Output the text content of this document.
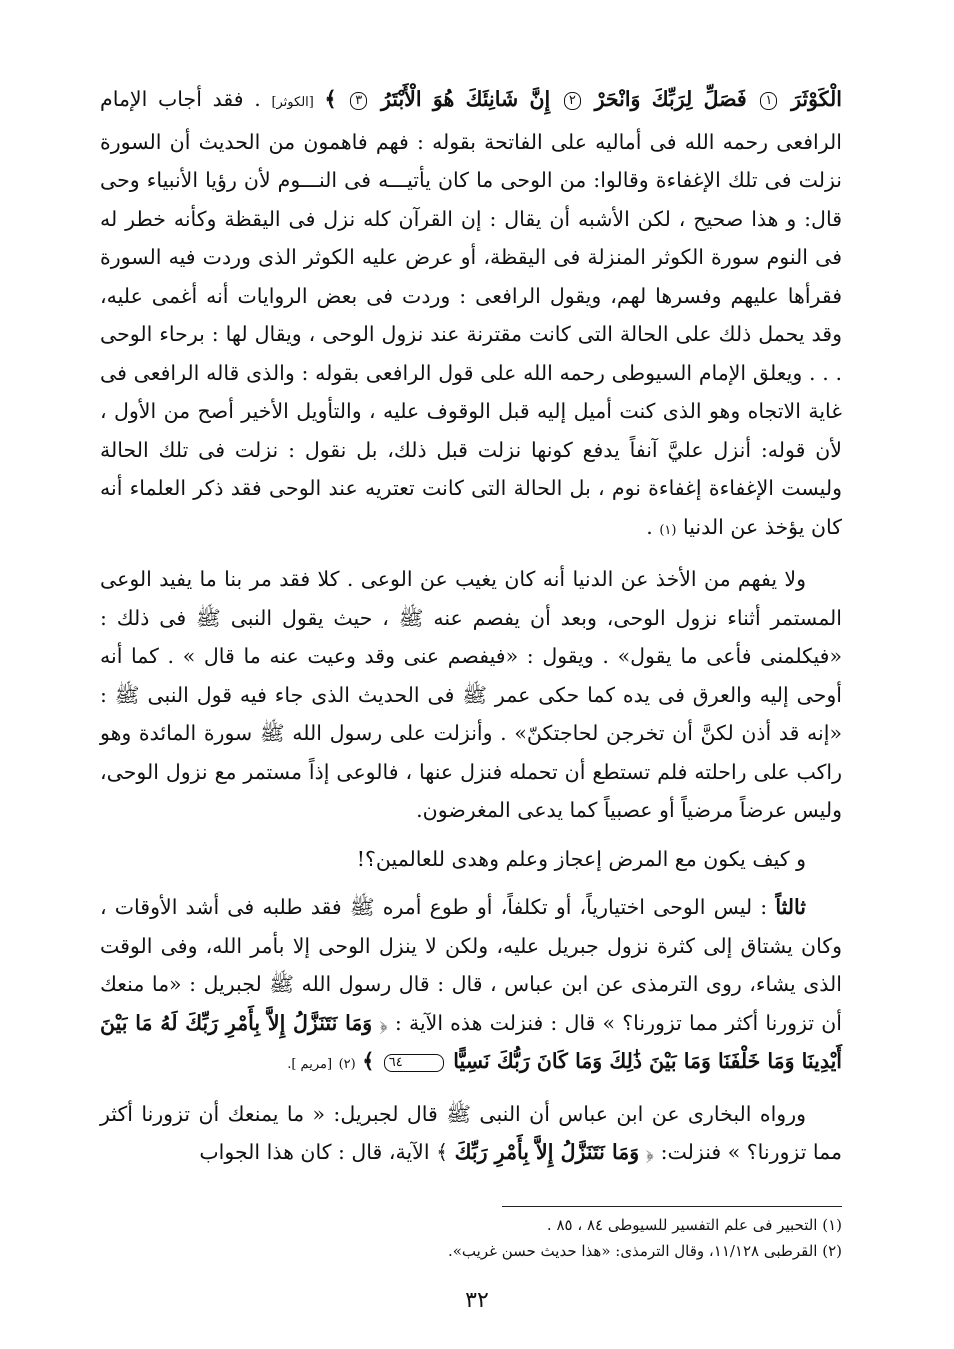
الْكَوْثَرَ ١ فَصَلِّ لِرَبِّكَ وَانْحَرْ ٢ إِنَّ شَانِئَكَ هُوَ الْأَبْتَرُ ٣ ﴾ [الكوثر] . فقد أجاب الإمام الرافعى رحمه الله فى أماليه على الفاتحة بقوله : فهم فاهمون من الحديث أن السورة نزلت فى تلك الإغفاءة وقالوا: من الوحى ما كان يأتيـــه فى النـــوم لأن رؤيا الأنبياء وحى قال: و هذا صحيح ، لكن الأشبه أن يقال : إن القرآن كله نزل فى اليقظة وكأنه خطر له فى النوم سورة الكوثر المنزلة فى اليقظة، أو عرض عليه الكوثر الذى وردت فيه السورة فقرأها عليهم وفسرها لهم، ويقول الرافعى : وردت فى بعض الروايات أنه أغمى عليه، وقد يحمل ذلك على الحالة التى كانت مقترنة عند نزول الوحى ، ويقال لها : برحاء الوحى . . . ويعلق الإمام السيوطى رحمه الله على قول الرافعى بقوله : والذى قاله الرافعى فى غاية الاتجاه وهو الذى كنت أميل إليه قبل الوقوف عليه ، والتأويل الأخير أصح من الأول ، لأن قوله: أنزل عليَّ آنفاً يدفع كونها نزلت قبل ذلك، بل نقول : نزلت فى تلك الحالة وليست الإغفاءة إغفاءة نوم ، بل الحالة التى كانت تعتريه عند الوحى فقد ذكر العلماء أنه كان يؤخذ عن الدنيا (١) .

ولا يفهم من الأخذ عن الدنيا أنه كان يغيب عن الوعى . كلا فقد مر بنا ما يفيد الوعى المستمر أثناء نزول الوحى، وبعد أن يفصم عنه ﷺ ، حيث يقول النبى ﷺ فى ذلك : «فيكلمنى فأعى ما يقول» . ويقول : «فيفصم عنى وقد وعيت عنه ما قال » . كما أنه أوحى إليه والعرق فى يده كما حكى عمر ﷺ فى الحديث الذى جاء فيه قول النبى ﷺ : «إنه قد أذن لكنَّ أن تخرجن لحاجتكنّ» . وأنزلت على رسول الله ﷺ سورة المائدة وهو راكب على راحلته فلم تستطع أن تحمله فنزل عنها ، فالوعى إذاً مستمر مع نزول الوحى، وليس عرضاً مرضياً أو عصبياً كما يدعى المغرضون.

و كيف يكون مع المرض إعجاز وعلم وهدى للعالمين؟!

ثالثاً : ليس الوحى اختيارياً، أو تكلفاً، أو طوع أمره ﷺ فقد طلبه فى أشد الأوقات ، وكان يشتاق إلى كثرة نزول جبريل عليه، ولكن لا ينزل الوحى إلا بأمر الله، وفى الوقت الذى يشاء، روى الترمذى عن ابن عباس ، قال : قال رسول الله ﷺ لجبريل : «ما منعك أن تزورنا أكثر مما تزورنا؟ » قال : فنزلت هذه الآية : ﴿ وَمَا نَتَنَزَّلُ إِلاَّ بِأَمْرِ رَبِّكَ لَهُ مَا بَيْنَ أَيْدِينَا وَمَا خَلْفَنَا وَمَا بَيْنَ ذَٰلِكَ وَمَا كَانَ رَبُّكَ نَسِيًّا ٦٤ ﴾ (٢) [مريم ].

ورواه البخارى عن ابن عباس أن النبى ﷺ قال لجبريل: « ما يمنعك أن تزورنا أكثر مما تزورنا؟ » فنزلت: ﴿ وَمَا نَتَنَزَّلُ إِلاَّ بِأَمْرِ رَبِّكَ ﴾ الآية، قال : كان هذا الجواب

(١) التحبير فى علم التفسير للسيوطى ٨٤ ، ٨٥ .

(٢) القرطبى ١١/١٢٨، وقال الترمذى: «هذا حديث حسن غريب».

٣٢
